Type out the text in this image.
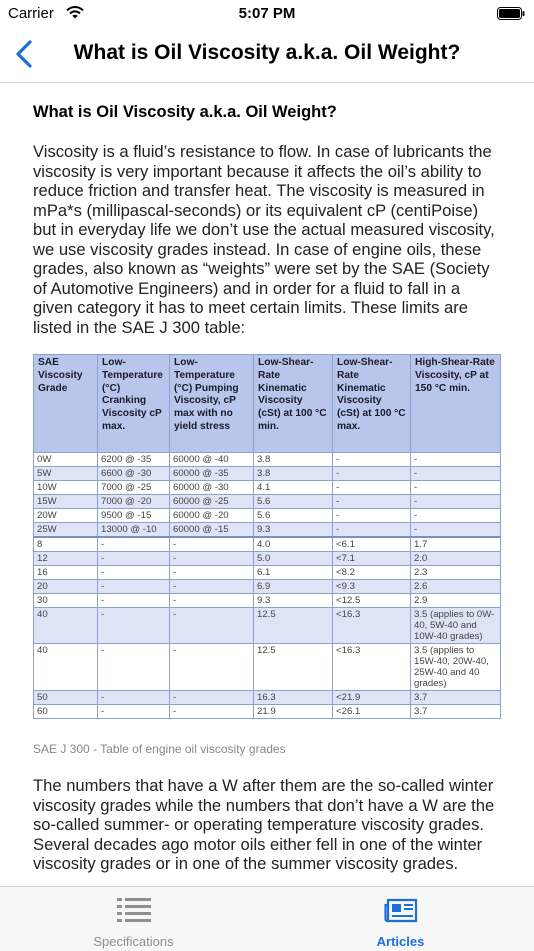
Carrier	5:07 PM
What is Oil Viscosity a.k.a. Oil Weight?
What is Oil Viscosity a.k.a. Oil Weight?

Viscosity is a fluid’s resistance to flow. In case of lubricants the viscosity is very important because it affects the oil’s ability to reduce friction and transfer heat. The viscosity is measured in mPa*s (millipascal-seconds) or its equivalent cP (centiPoise) but in everyday life we don’t use the actual measured viscosity, we use viscosity grades instead. In case of engine oils, these grades, also known as “weights” were set by the SAE (Society of Automotive Engineers) and in order for a fluid to fall in a given category it has to meet certain limits. These limits are listed in the SAE J 300 table:

SAE Viscosity Grade	Low-Temperature (°C) Cranking Viscosity cP max.	Low-Temperature (°C) Pumping Viscosity, cP max with no yield stress	Low-Shear-Rate Kinematic Viscosity (cSt) at 100 °C min.	Low-Shear-Rate Kinematic Viscosity (cSt) at 100 °C max.	High-Shear-Rate Viscosity, cP at 150 °C min.
0W	6200 @ -35	60000 @ -40	3.8	-	-
5W	6600 @ -30	60000 @ -35	3.8	-	-
10W	7000 @ -25	60000 @ -30	4.1	-	-
15W	7000 @ -20	60000 @ -25	5.6	-	-
20W	9500 @ -15	60000 @ -20	5.6	-	-
25W	13000 @ -10	60000 @ -15	9.3	-	-
8	-	-	4.0	<6.1	1.7
12	-	-	5.0	<7.1	2.0
16	-	-	6.1	<8.2	2.3
20	-	-	6.9	<9.3	2.6
30	-	-	9.3	<12.5	2.9
40	-	-	12.5	<16.3	3.5 (applies to 0W-40, 5W-40 and 10W-40 grades)
40	-	-	12.5	<16.3	3.5 (applies to 15W-40, 20W-40, 25W-40 and 40 grades)
50	-	-	16.3	<21.9	3.7
60	-	-	21.9	<26.1	3.7
SAE J 300 - Table of engine oil viscosity grades

The numbers that have a W after them are the so-called winter viscosity grades while the numbers that don’t have a W are the so-called summer- or operating temperature viscosity grades. Several decades ago motor oils either fell in one of the winter viscosity grades or in one of the summer viscosity grades.

Specifications	Articles
